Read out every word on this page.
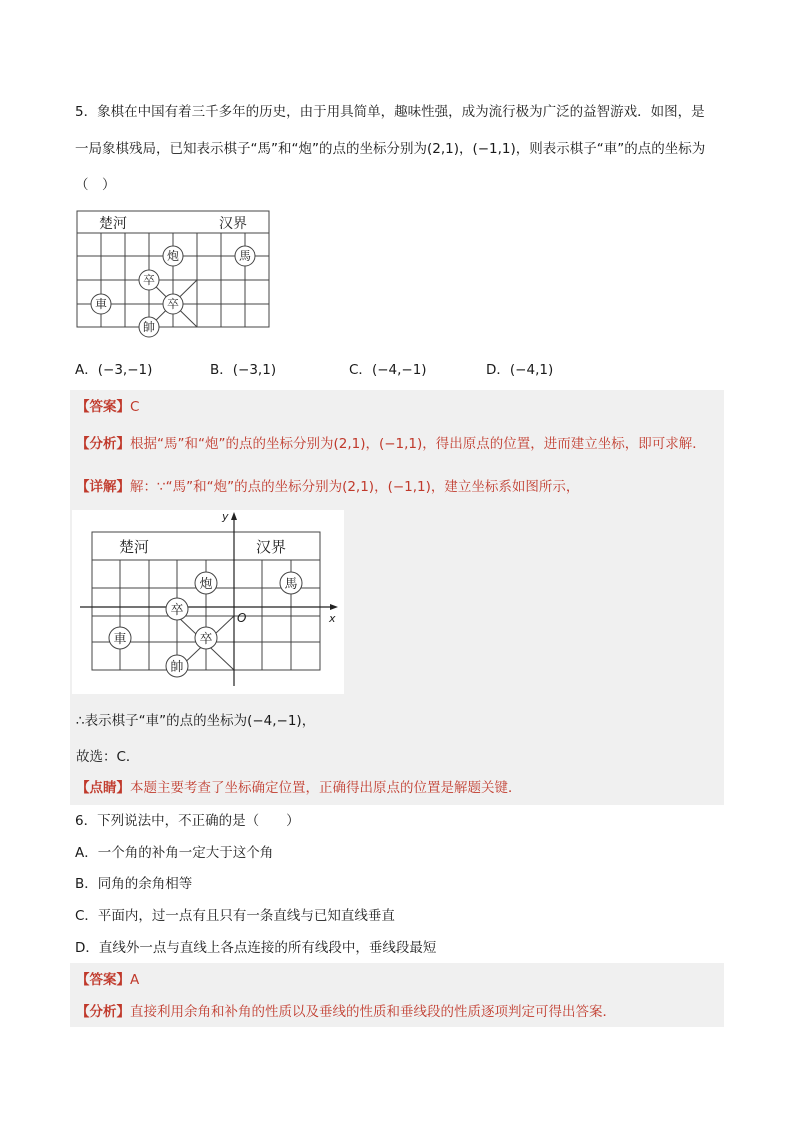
5．象棋在中国有着三千多年的历史，由于用具简单，趣味性强，成为流行极为广泛的益智游戏．如图，是
一局象棋残局，已知表示棋子“馬”和“炮”的点的坐标分别为(2,1)，(−1,1)，则表示棋子“車”的点的坐标为
（　）
楚河	汉界
炮	馬
卒
卒
車
帥
A．(−3,−1)	B．(−3,1)	C．(−4,−1)	D．(−4,1)
【答案】C
【分析】根据“馬”和“炮”的点的坐标分别为(2,1)，(−1,1)，得出原点的位置，进而建立坐标，即可求解．
【详解】解：∵“馬”和“炮”的点的坐标分别为(2,1)，(−1,1)，建立坐标系如图所示，
x
y
O
楚河	汉界
炮	馬
卒
卒
車
帥
∴表示棋子“車”的点的坐标为(−4,−1)，
故选：C．
【点睛】本题主要考查了坐标确定位置，正确得出原点的位置是解题关键．
6．下列说法中，不正确的是（　　）
A．一个角的补角一定大于这个角
B．同角的余角相等
C．平面内，过一点有且只有一条直线与已知直线垂直
D．直线外一点与直线上各点连接的所有线段中，垂线段最短
【答案】A
【分析】直接利用余角和补角的性质以及垂线的性质和垂线段的性质逐项判定可得出答案．
